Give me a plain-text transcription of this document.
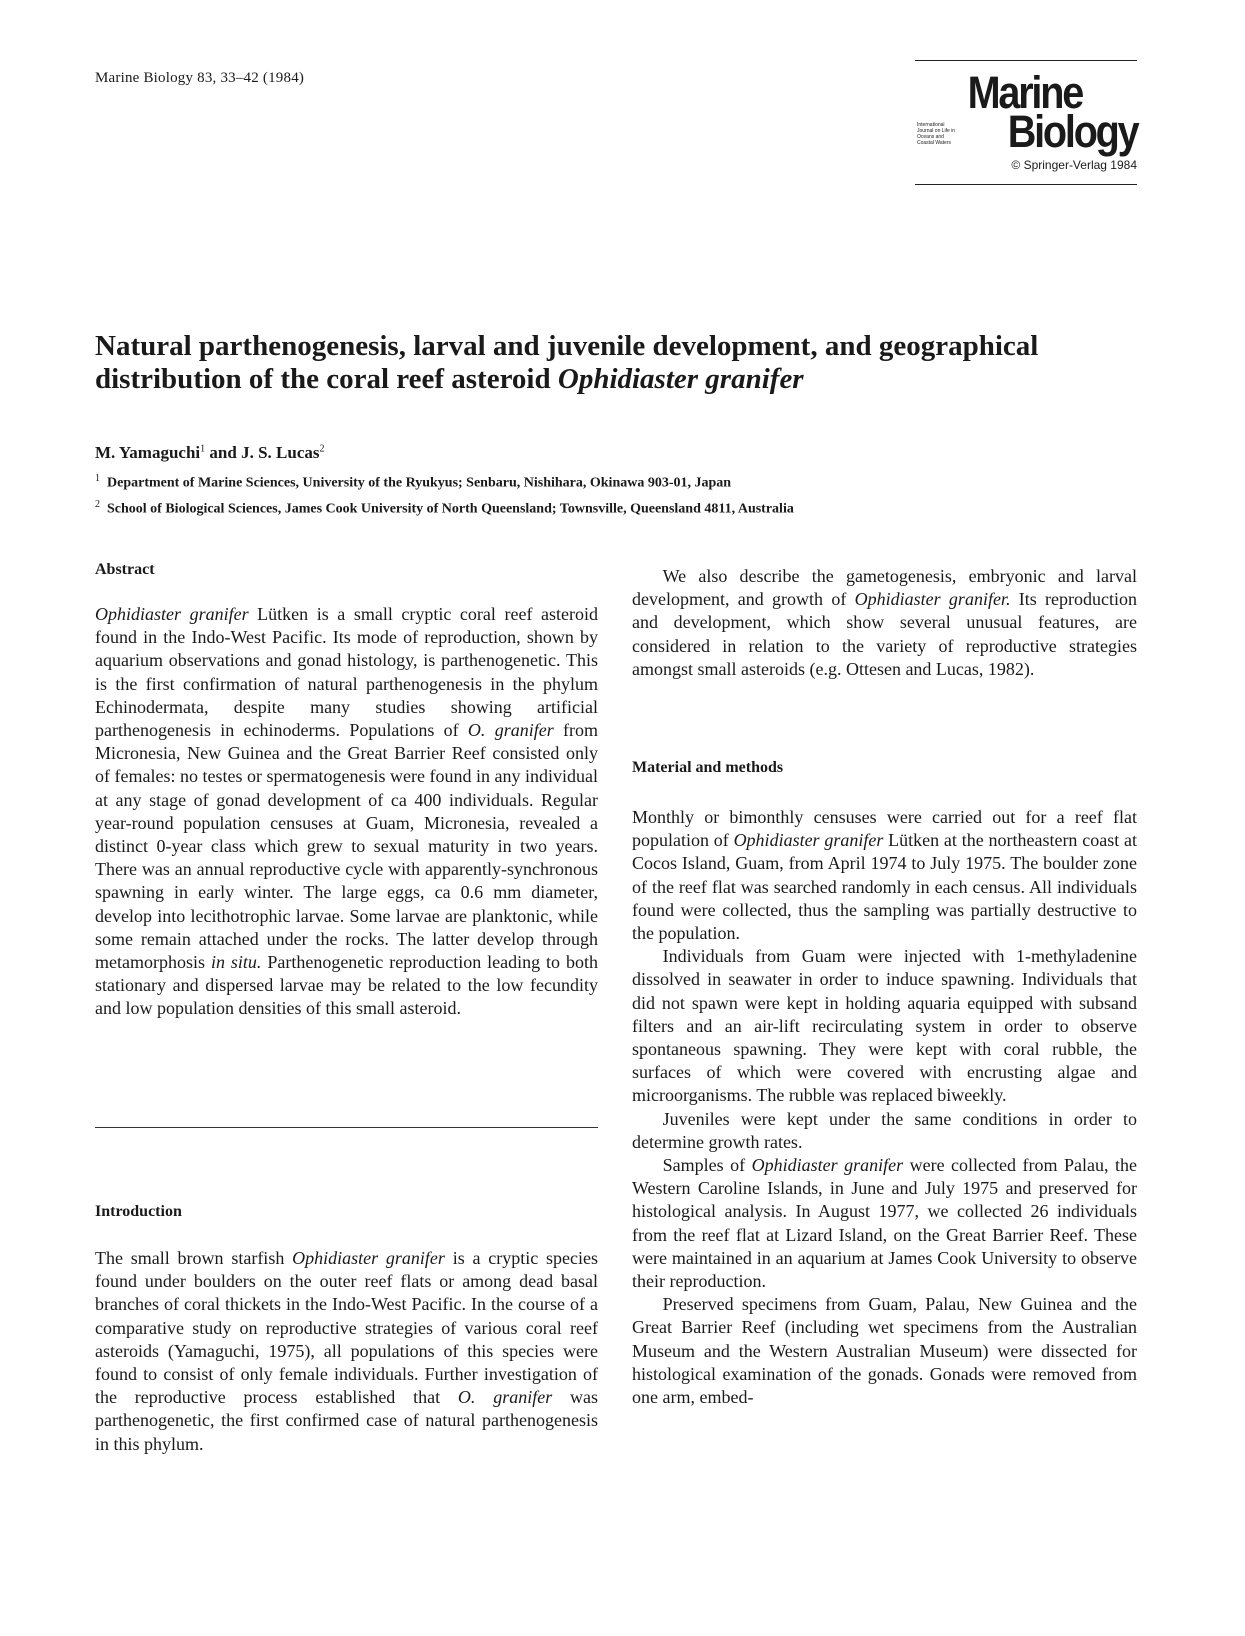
Marine Biology 83, 33–42 (1984)	Marine
Biology
International Journal on Life in Oceans and Coastal Waters
© Springer-Verlag 1984
Natural parthenogenesis, larval and juvenile development, and geographical distribution of the coral reef asteroid Ophidiaster granifer
M. Yamaguchi$^1$ and J. S. Lucas$^2$
$^1$ Department of Marine Sciences, University of the Ryukyus; Senbaru, Nishihara, Okinawa 903-01, Japan
$^2$ School of Biological Sciences, James Cook University of North Queensland; Townsville, Queensland 4811, Australia
Abstract

Ophidiaster granifer Lütken is a small cryptic coral reef asteroid found in the Indo-West Pacific. Its mode of reproduction, shown by aquarium observations and gonad histology, is parthenogenetic. This is the first confirmation of natural parthenogenesis in the phylum Echinodermata, despite many studies showing artificial parthenogenesis in echinoderms. Populations of O. granifer from Micronesia, New Guinea and the Great Barrier Reef consisted only of females: no testes or spermatogenesis were found in any individual at any stage of gonad development of ca 400 individuals. Regular year-round population censuses at Guam, Micronesia, revealed a distinct 0-year class which grew to sexual maturity in two years. There was an annual reproductive cycle with apparently-synchronous spawning in early winter. The large eggs, ca 0.6 mm diameter, develop into lecithotrophic larvae. Some larvae are planktonic, while some remain attached under the rocks. The latter develop through metamorphosis in situ. Parthenogenetic reproduction leading to both stationary and dispersed larvae may be related to the low fecundity and low population densities of this small asteroid.

Introduction

The small brown starfish Ophidiaster granifer is a cryptic species found under boulders on the outer reef flats or among dead basal branches of coral thickets in the Indo-West Pacific. In the course of a comparative study on reproductive strategies of various coral reef asteroids (Yamaguchi, 1975), all populations of this species were found to consist of only female individuals. Further investigation of the reproductive process established that O. granifer was parthenogenetic, the first confirmed case of natural parthenogenesis in this phylum.

We also describe the gametogenesis, embryonic and larval development, and growth of Ophidiaster granifer. Its reproduction and development, which show several unusual features, are considered in relation to the variety of reproductive strategies amongst small asteroids (e.g. Ottesen and Lucas, 1982).

Material and methods

Monthly or bimonthly censuses were carried out for a reef flat population of Ophidiaster granifer Lütken at the northeastern coast at Cocos Island, Guam, from April 1974 to July 1975. The boulder zone of the reef flat was searched randomly in each census. All individuals found were collected, thus the sampling was partially destructive to the population.

Individuals from Guam were injected with 1-methyladenine dissolved in seawater in order to induce spawning. Individuals that did not spawn were kept in holding aquaria equipped with subsand filters and an air-lift recirculating system in order to observe spontaneous spawning. They were kept with coral rubble, the surfaces of which were covered with encrusting algae and microorganisms. The rubble was replaced biweekly.

Juveniles were kept under the same conditions in order to determine growth rates.

Samples of Ophidiaster granifer were collected from Palau, the Western Caroline Islands, in June and July 1975 and preserved for histological analysis. In August 1977, we collected 26 individuals from the reef flat at Lizard Island, on the Great Barrier Reef. These were maintained in an aquarium at James Cook University to observe their reproduction.

Preserved specimens from Guam, Palau, New Guinea and the Great Barrier Reef (including wet specimens from the Australian Museum and the Western Australian Museum) were dissected for histological examination of the gonads. Gonads were removed from one arm, embed-
